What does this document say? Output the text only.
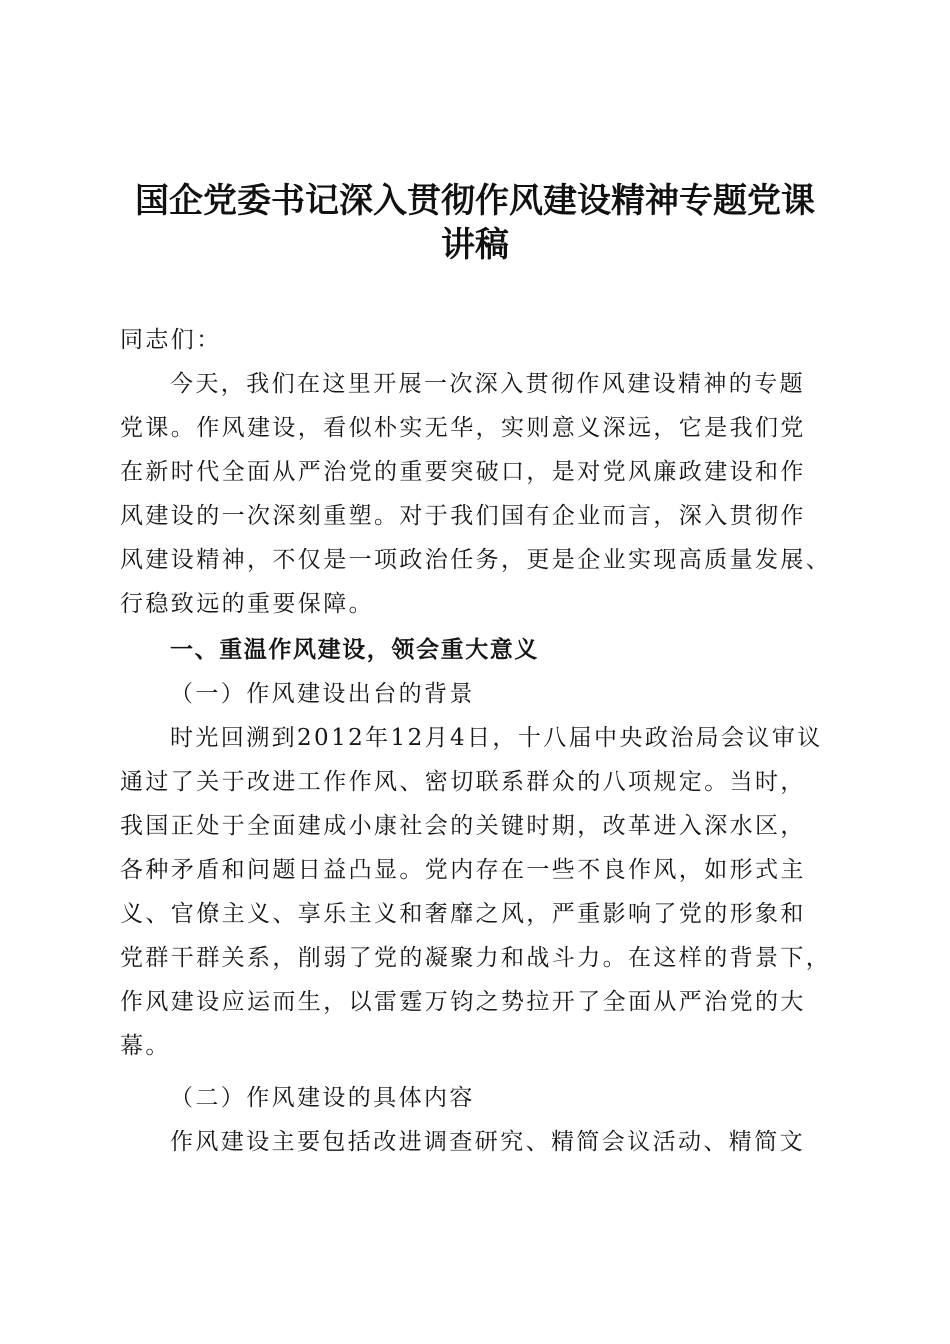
国企党委书记深入贯彻作风建设精神专题党课
讲稿
同志们：
今天，我们在这里开展一次深入贯彻作风建设精神的专题
党课。作风建设，看似朴实无华，实则意义深远，它是我们党
在新时代全面从严治党的重要突破口，是对党风廉政建设和作
风建设的一次深刻重塑。对于我们国有企业而言，深入贯彻作
风建设精神，不仅是一项政治任务，更是企业实现高质量发展、
行稳致远的重要保障。
一、重温作风建设，领会重大意义
（一）作风建设出台的背景
时光回溯到2012年12月4日，十八届中央政治局会议审议
通过了关于改进工作作风、密切联系群众的八项规定。当时，
我国正处于全面建成小康社会的关键时期，改革进入深水区，
各种矛盾和问题日益凸显。党内存在一些不良作风，如形式主
义、官僚主义、享乐主义和奢靡之风，严重影响了党的形象和
党群干群关系，削弱了党的凝聚力和战斗力。在这样的背景下，
作风建设应运而生，以雷霆万钧之势拉开了全面从严治党的大
幕。
（二）作风建设的具体内容
作风建设主要包括改进调查研究、精简会议活动、精简文
